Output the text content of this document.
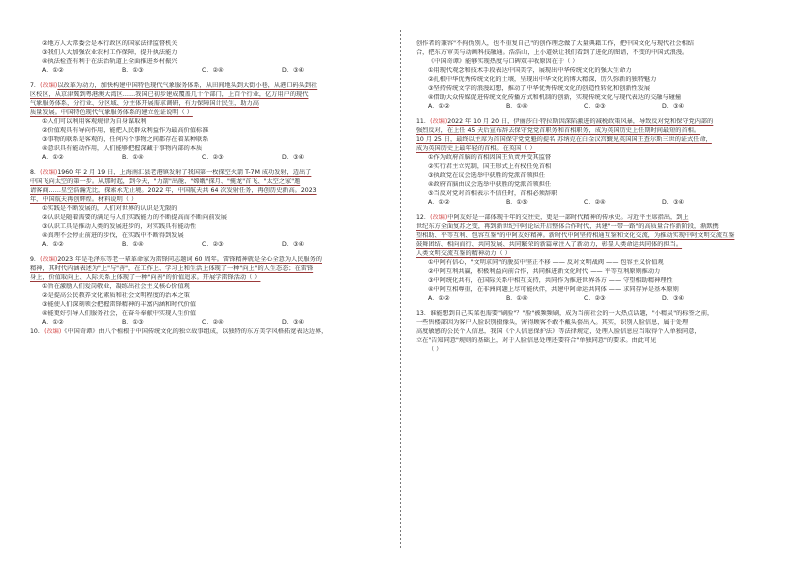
②地方人大常委会是本行政区的国家法律监督机关

③我们人大加强农业农村工作保障，提升执法能力

④执法检查有利于在法治轨道上全面推进乡村振兴

A．①②	B．①③	C．②④	D．③④

7．(改编)以改革为动力，加快构建中国特色现代气象服务体系，从田间地头到大街小巷，从港口码头到社

区校区，从京津冀到粤港澳大湾区……我国已初步建成覆盖几十个部门，上百个行业，亿万用户的现代

气象服务体系，分行业、分区域、分主体开展需求调研，有力保障国计民生，助力高

质量发展。中国特色现代气象服务体系的建立佐证说明（ ）

①人们可以利用客观规律为自身谋取利

②价值观具有导向作用，能把人民群众利益作为最高价值标准

③事物的联系是客观的，任何内个事物之间都存在着某种联系

④意识具有能动作用，人们能够把握深藏于事物内部的本质

A．①②	B．①④	C．②③	D．③④

8．(改编)1960 年 2 月 19 日，上海南汇县老港镇发射了我国第一枚探空火箭 T-7M 成功发射，迈出了

中国飞向太空的第一步。从那时起，到今天，"力箭"出舱、"嫦娥"探月、"揽龙"首飞、"太空之家"邀

请客商……星空浩瀚无比，探索永无止境。2022 年，中国航天共 64 次发射任务，再创历史新高。2023

年，中国航天再创辉煌。材料说明（ ）

①实践是不断发展的，人们对世界的认识是无限的

②认识是随着需要的满足与人们实践能力的不断提高而不断向前发展

③认识工具是推动人类的发展进步的，对实践具有能动性

④真理不会停止前进的步伐，在实践中不断得到发展

A．①②	B．①④	C．②③	D．③④

9．(改编)2023 年是毛泽东等老一辈革命家为雷锋同志题词 60 周年。雷锋精神就是全心全意为人民服务的

精神，其时代内涵表述为"上"与"善"，在工作上、学习上和生活上体现了一种"向上"的人生态态；在雷锋

身上，价值取向上、人际关系上体现了一种"向善"的价值追求。开展学雷锋活动（ ）

①旨在激励人们爱岗敬业，凝练出社会主义核心价值观

②是提高公民教养文化素质和社会文明程度的治本之策

③能使人们深刻领会把握雷锋精神的丰富内涵和时代价值

④能更好引导人们服务社会，在奋斗奉献中实现人生价值

A．①②	B．①③	C．②④	D．③④

10．(改编)《中国奇谭》由八个植根于中国传统文化的独立故事组成，以独特的东方美学风格拓宽表达边界，

创作者的兼容"不拘伪别人，也不重复自己"的创作理念做了大量典籍工作，把中国文化与现代社会相结

合，把东方审美与动画科技融通。浩浩山，上小道妖让我们看到了进化的图谱，不变的中国式浪漫。

《中国奇谭》能够实现热度与口碑双丰收原因在于（ ）

①用现代观念和技术手段表达中国美学，展现出中华传统文化的强大生命力

②扎根中华优秀传统文化的土壤，呈现出中华文化的博大精深，历久弥新的独特魅力

③坚持传统文学的浪漫幻想，推动了中华优秀传统文化的创造性转化和创新性发展

④借助大众传媒促进传统文化传播方式和机制的创新，实现传统文化与现代表达的交融与碰撞

A．①②	B．①④	C．②③	D．③④

11．(改编)2022 年 10 月 20 日，伊丽莎白·特拉斯因深陷激进的减税政策风暴，导致反对党和保守党内部的

强烈反对，在上任 45 天后宣布辞去保守党党首职务和首相职务，成为英国历史上任期时间最短的首相。

10 月 25 日，最终以主席为首国保守党党魁的提名 苏纳克在白金汉宫觐见英国国王查尔斯三世的证式任命，

成为英国历史上最年轻的首相。在英国（ ）

①作为政府首脑的首相因国王负责并受其监督

②实行君主立宪制，国王形式上有权任免首相

③执政党在议会选举中获胜的党派首领担任

④政府首脑由议会选举中获胜的党派首领担任

⑤当反对党对首相表示不信任时，首相必须辞职

A．①②	B．①⑤	C．②④	D．③④

12．(改编)中阿友好是一部体现千年的交往史，更是一部时代精神的传承史。习近平主席指出，到上

世纪东方全面复苏之变，再到新世纪中阿论坛开启整体合作时代，共建"一带一路"的高质量合作新阶段，渐默携

望相助、平等互利、包容互鉴"的中阿友好精神。新时代中阿坚持相通互鉴和文化交流，为推动实现中阿文明交流互鉴

鼓舞团结、相向而行、共同发展、共同繁荣的新篇章注入了新动力，彰显人类命运共同体的担当。

人类文明交流互鉴的精神动力（ ）

①中阿有信心，"文明求同"的脱贫中坚正不移 —— 反对文明战阀 —— 包容主义价值观

②中阿互利共赢，积极利益向前合作，共同推进新文化时代 —— 平等互利原则推动力

③中阿统化共有，在国际关系中相互支持，共同作为推进世界各方 —— 守望相助精神理性

④中阿互相尊重，在非洲问题上尽可能伙伴，共建中阿命运共同体 —— 求同存异是基本原则

A．①②	B．①④	C．②③	D．③④

13．谁能想到自己买菜也需要"刷脸"？"脸"被频频刷，成为当前社会的一大热点话题，"小精灵"的标签之前，

一些售楼部因为客户人脸识别摄像头，害得顾客不敢不戴头套出入。其实，识别人脸信息，属于处理

高度敏感的公民个人信息，我国《个人信息保护法》等法律规定，处理人脸信息应当取得个人单独同意，

立在"告知同意"规则的基础上，对于人脸信息处理还要符合"单独同意"的要求。由此可见

（ ）
